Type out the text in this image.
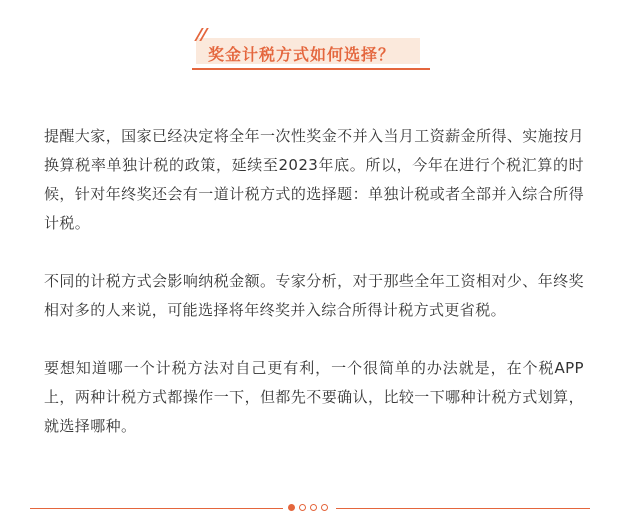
奖金计税方式如何选择？

提醒大家，国家已经决定将全年一次性奖金不并入当月工资薪金所得、实施按月换算税率单独计税的政策，延续至2023年底。所以，今年在进行个税汇算的时候，针对年终奖还会有一道计税方式的选择题：单独计税或者全部并入综合所得计税。

不同的计税方式会影响纳税金额。专家分析，对于那些全年工资相对少、年终奖相对多的人来说，可能选择将年终奖并入综合所得计税方式更省税。

要想知道哪一个计税方法对自己更有利，一个很简单的办法就是，在个税APP上，两种计税方式都操作一下，但都先不要确认，比较一下哪种计税方式划算，就选择哪种。
